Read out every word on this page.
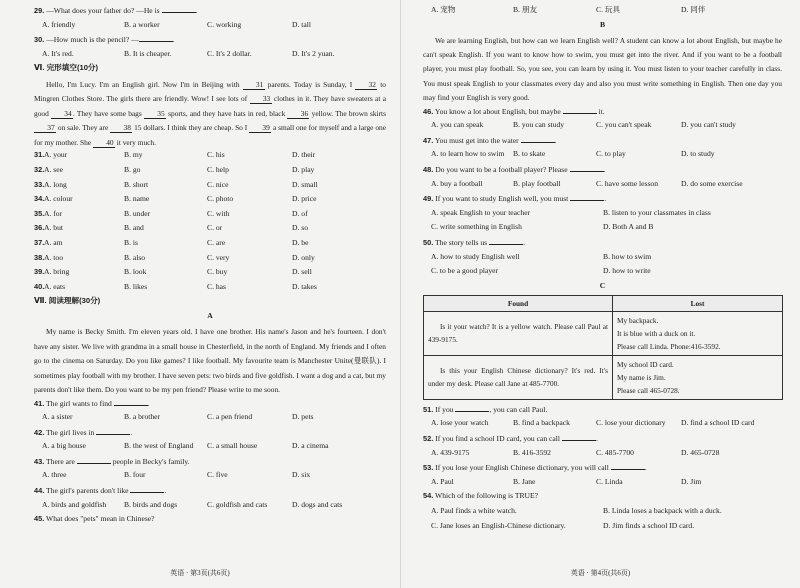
29. —What does your father do? —He is	.
A. friendly	B. a worker	C. working	D. tall
30. —How much is the pencil? —	.
A. It's red.	B. It is cheaper.	C. It's 2 dollar.	D. It's 2 yuan.
Ⅵ. 完形填空(10分)

Hello, I'm Lucy. I'm an English girl. Now I'm in Beijing with 31 parents. Today is Sunday, I 32 to Mingren Clothes Store. The girls there are friendly. Wow! I see lots of 33 clothes in it. They have sweaters at a good 34. They have some bags 35 sports, and they have hats in red, black 36 yellow. The brown skirts 37 on sale. They are 38 15 dollars. I think they are cheap. So I 39 a small one for myself and a large one for my mother. She 40 it very much.

31. A. your	B. my	C. his	D. their
32. A. see	B. go	C. help	D. play
33. A. long	B. short	C. nice	D. small
34. A. colour	B. name	C. photo	D. price
35. A. for	B. under	C. with	D. of
36. A. but	B. and	C. or	D. so
37. A. am	B. is	C. are	D. be
38. A. too	B. also	C. very	D. only
39. A. bring	B. look	C. buy	D. sell
40. A. eats	B. likes	C. has	D. takes
Ⅶ. 阅读理解(30分)
A

My name is Becky Smith. I'm eleven years old. I have one brother. His name's Jason and he's fourteen. I don't have any sister. We live with grandma in a small house in Chesterfield, in the north of England. My friends and I often go to the cinema on Saturday. Do you like games? I like football. My favourite team is Manchester Unite(曼联队). I sometimes play football with my brother. I have seven pets: two birds and five goldfish. I want a dog and a cat, but my parents don't like them. Do you want to be my pen friend? Please write to me soon.

41. The girl wants to find	.
A. a sister	B. a brother	C. a pen friend	D. pets
42. The girl lives in	.
A. a big house	B. the west of England C. a small house	D. a cinema
43. There are	people in Becky's family.
A. three	B. four	C. five	D. six
44. The girl's parents don't like	.
A. birds and goldfish B. birds and dogs	C. goldfish and cats	D. dogs and cats
45. What does "pets" mean in Chinese?
英语 · 第3页(共6页)
A. 宠物	B. 朋友	C. 玩具	D. 同伴
B

We are learning English, but how can we learn English well? A student can know a lot about English, but maybe he can't speak English. If you want to know how to swim, you must get into the river. And if you want to be a football player, you must play football. So, you see, you can learn by using it. You must listen to your teacher carefully in class. You must speak English to your classmates every day and also you must write something in English. Then one day you may find your English is very good.

46. You know a lot about English, but maybe	it.
A. you can speak	B. you can study	C. you can't speak	D. you can't study
47. You must get into the water	.
A. to learn how to swim B. to skate	C. to play	D. to study
48. Do you want to be a football player? Please	.
A. buy a football	B. play football	C. have some lesson	D. do some exercise
49. If you want to study English well, you must	.
A. speak English to your teacher	B. listen to your classmates in class
C. write something in English	D. Both A and B
50. The story tells us	.
A. how to study English well	B. how to swim
C. to be a good player	D. how to write
C
Found	Lost
Is it your watch? It is a yellow watch. Please call Paul at 439-9175.	My backpack.
It is blue with a duck on it.
Please call Linda. Phone:416-3592.

Is this your English Chinese dictionary? It's red. It's under my desk. Please call Jane at 485-7700.	My school ID card.
My name is Jim.
Please call 465-0728.
51. If you	, you can call Paul.
A. lose your watch	B. find a backpack	C. lose your dictionary D. find a school ID card
52. If you find a school ID card, you can call	.
A. 439-9175	B. 416-3592	C. 485-7700	D. 465-0728
53. If you lose your English Chinese dictionary, you will call	.
A. Paul	B. Jane	C. Linda	D. Jim
54. Which of the following is TRUE?
A. Paul finds a white watch.	B. Linda loses a backpack with a duck.
C. Jane loses an English-Chinese dictionary.	D. Jim finds a school ID card.
英语 · 第4页(共6页)
